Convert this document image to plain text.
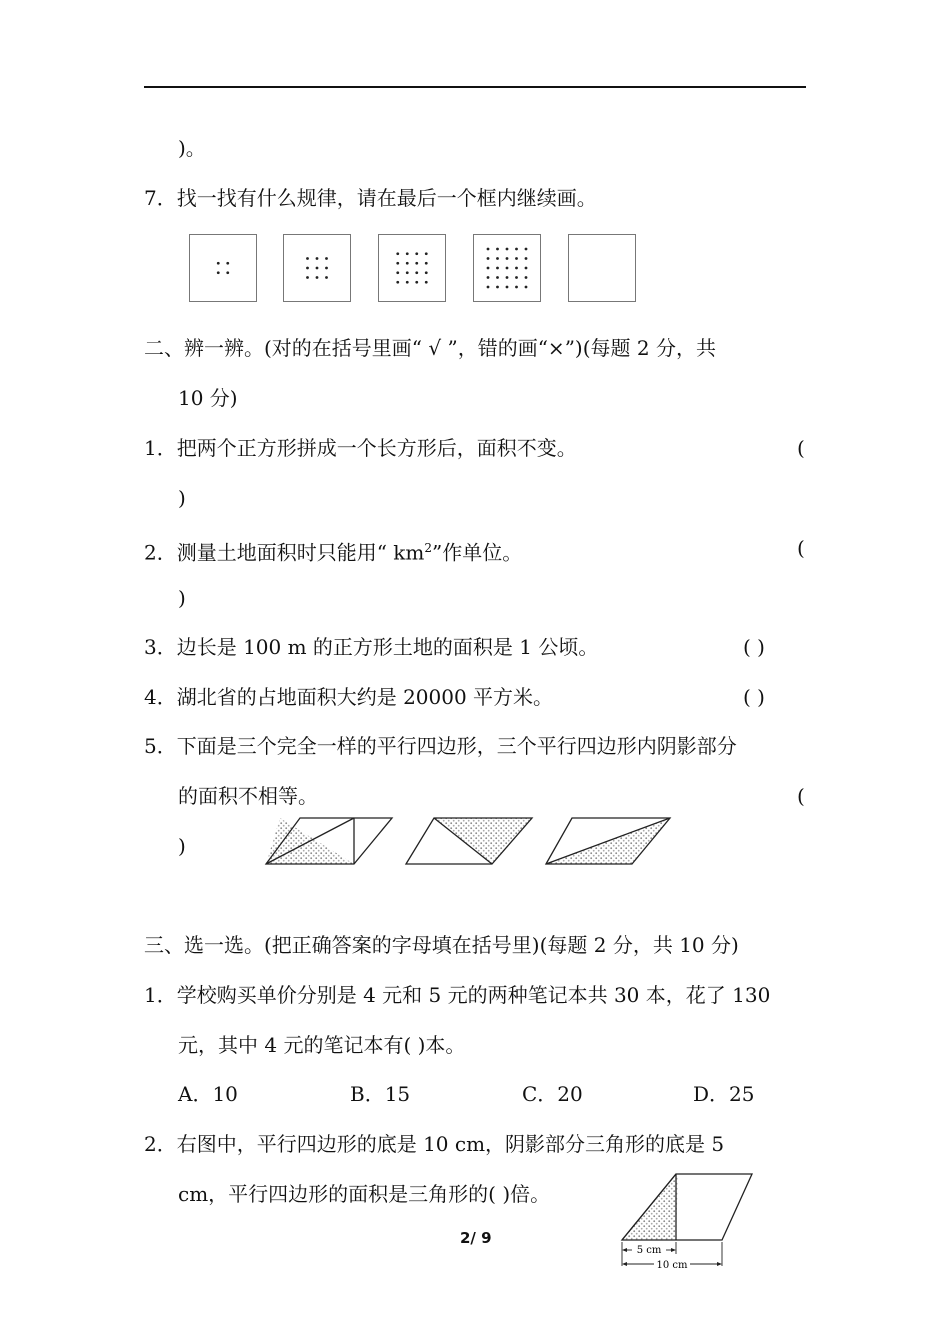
)。
7．找一找有什么规律，请在最后一个框内继续画。
二、辨一辨。(对的在括号里画“ √ ”，错的画“×”)(每题 2 分，共
10 分)
1．把两个正方形拼成一个长方形后，面积不变。	(
)
2．测量土地面积时只能用“ $km^2$”作单位。	(
)
3．边长是 100 m 的正方形土地的面积是 1 公顷。	( )
4．湖北省的占地面积大约是 20000 平方米。	( )
5．下面是三个完全一样的平行四边形，三个平行四边形内阴影部分
的面积不相等。	(
)
三、选一选。(把正确答案的字母填在括号里)(每题 2 分，共 10 分)
1．学校购买单价分别是 4 元和 5 元的两种笔记本共 30 本，花了 130
元，其中 4 元的笔记本有( )本。
A．10	B．15	C．20	D．25
2．右图中，平行四边形的底是 10 cm，阴影部分三角形的底是 5
cm，平行四边形的面积是三角形的( )倍。
5 cm
10 cm
2/ 9
